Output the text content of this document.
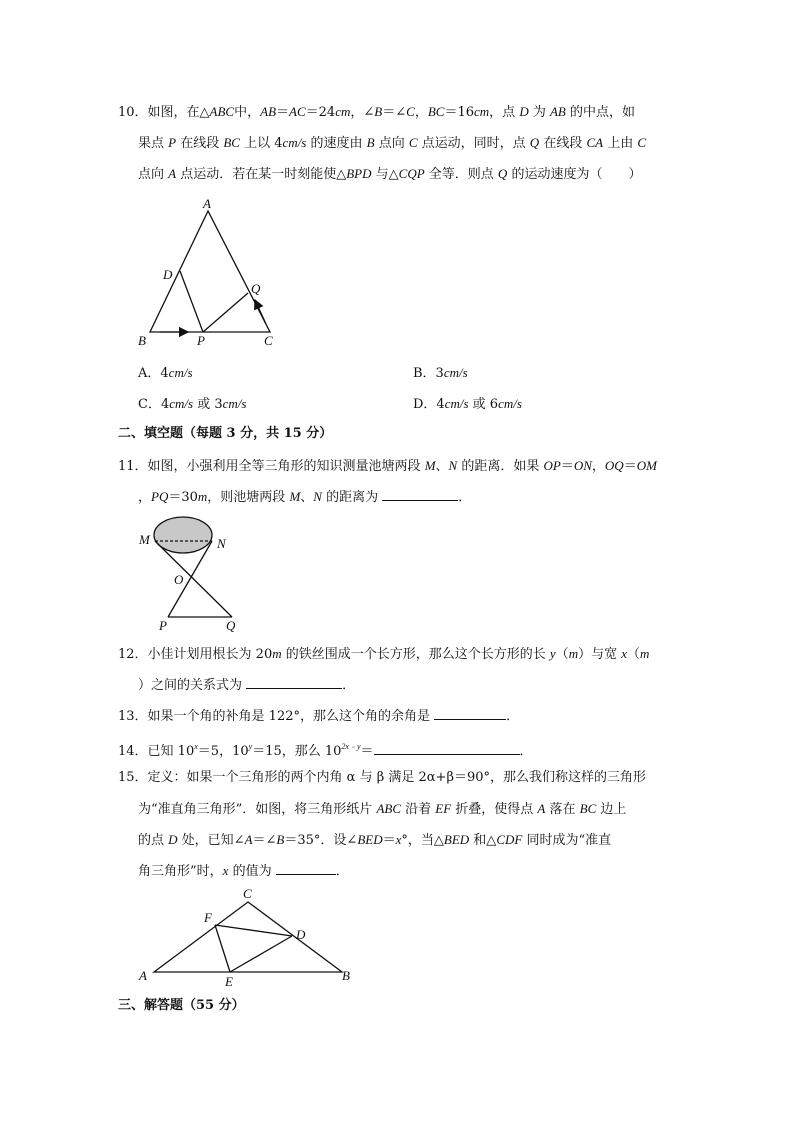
10．如图，在△ABC中，AB＝AC＝24cm，∠B＝∠C，BC＝16cm，点 D 为 AB 的中点，如
果点 P 在线段 BC 上以 4cm/s 的速度由 B 点向 C 点运动，同时，点 Q 在线段 CA 上由 C
点向 A 点运动．若在某一时刻能使△BPD 与△CQP 全等．则点 Q 的运动速度为（　　）
A
D
Q
B	P	C
A．4cm/s	B．3cm/s
C．4cm/s 或 3cm/s	D．4cm/s 或 6cm/s
二、填空题（每题 3 分，共 15 分）
11．如图，小强利用全等三角形的知识测量池塘两段 M、N 的距离．如果 OP＝ON，OQ＝OM
，PQ＝30m，则池塘两段 M、N 的距离为	．
M	N
O
P	Q
12．小佳计划用根长为 20m 的铁丝围成一个长方形，那么这个长方形的长 y（m）与宽 x（m
）之间的关系式为	．
13．如果一个角的补角是 122°，那么这个角的余角是	．
14．已知 $10^x=5$，$10^y=15$，那么 $10^{2x﹣y}=$	．
15．定义：如果一个三角形的两个内角 α 与 β 满足 2α+β＝90°，那么我们称这样的三角形
为“准直角三角形”．如图，将三角形纸片 ABC 沿着 EF 折叠，使得点 A 落在 BC 边上
的点 D 处，已知∠A＝∠B＝35°．设∠BED＝x°，当△BED 和△CDF 同时成为“准直
角三角形”时，x 的值为	．
C
F
D
A	E	B
三、解答题（55 分）
